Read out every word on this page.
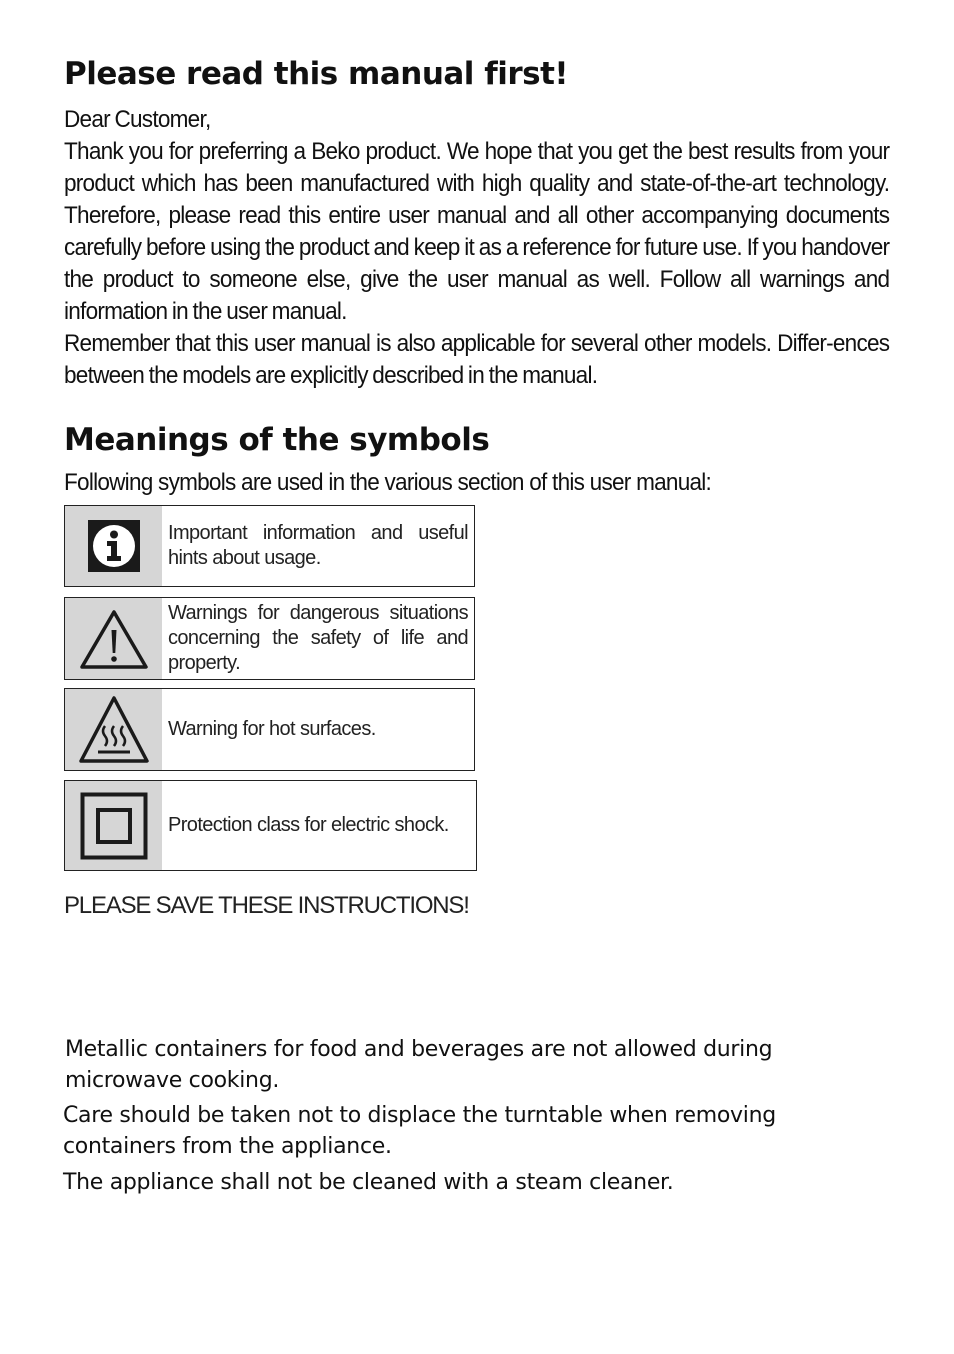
Please read this manual first!

Dear Customer,

Thank you for preferring a Beko product. We hope that you get the best results from your product which has been manufactured with high quality and state-of-the-art technology. Therefore, please read this entire user manual and all other accompanying documents carefully before using the product and keep it as a reference for future use. If you handover the product to someone else, give the user manual as well. Follow all warnings and information in the user manual.

Remember that this user manual is also applicable for several other models. Differ-ences between the models are explicitly described in the manual.

Meanings of the symbols
Following symbols are used in the various section of this user manual:
Important information and useful hints about usage.
Warnings for dangerous situations concerning the safety of life and property.
Warning for hot surfaces.
Protection class for electric shock.
PLEASE SAVE THESE INSTRUCTIONS!

Metallic containers for food and beverages are not allowed during microwave cooking.

Care should be taken not to displace the turntable when removing containers from the appliance.

The appliance shall not be cleaned with a steam cleaner.
